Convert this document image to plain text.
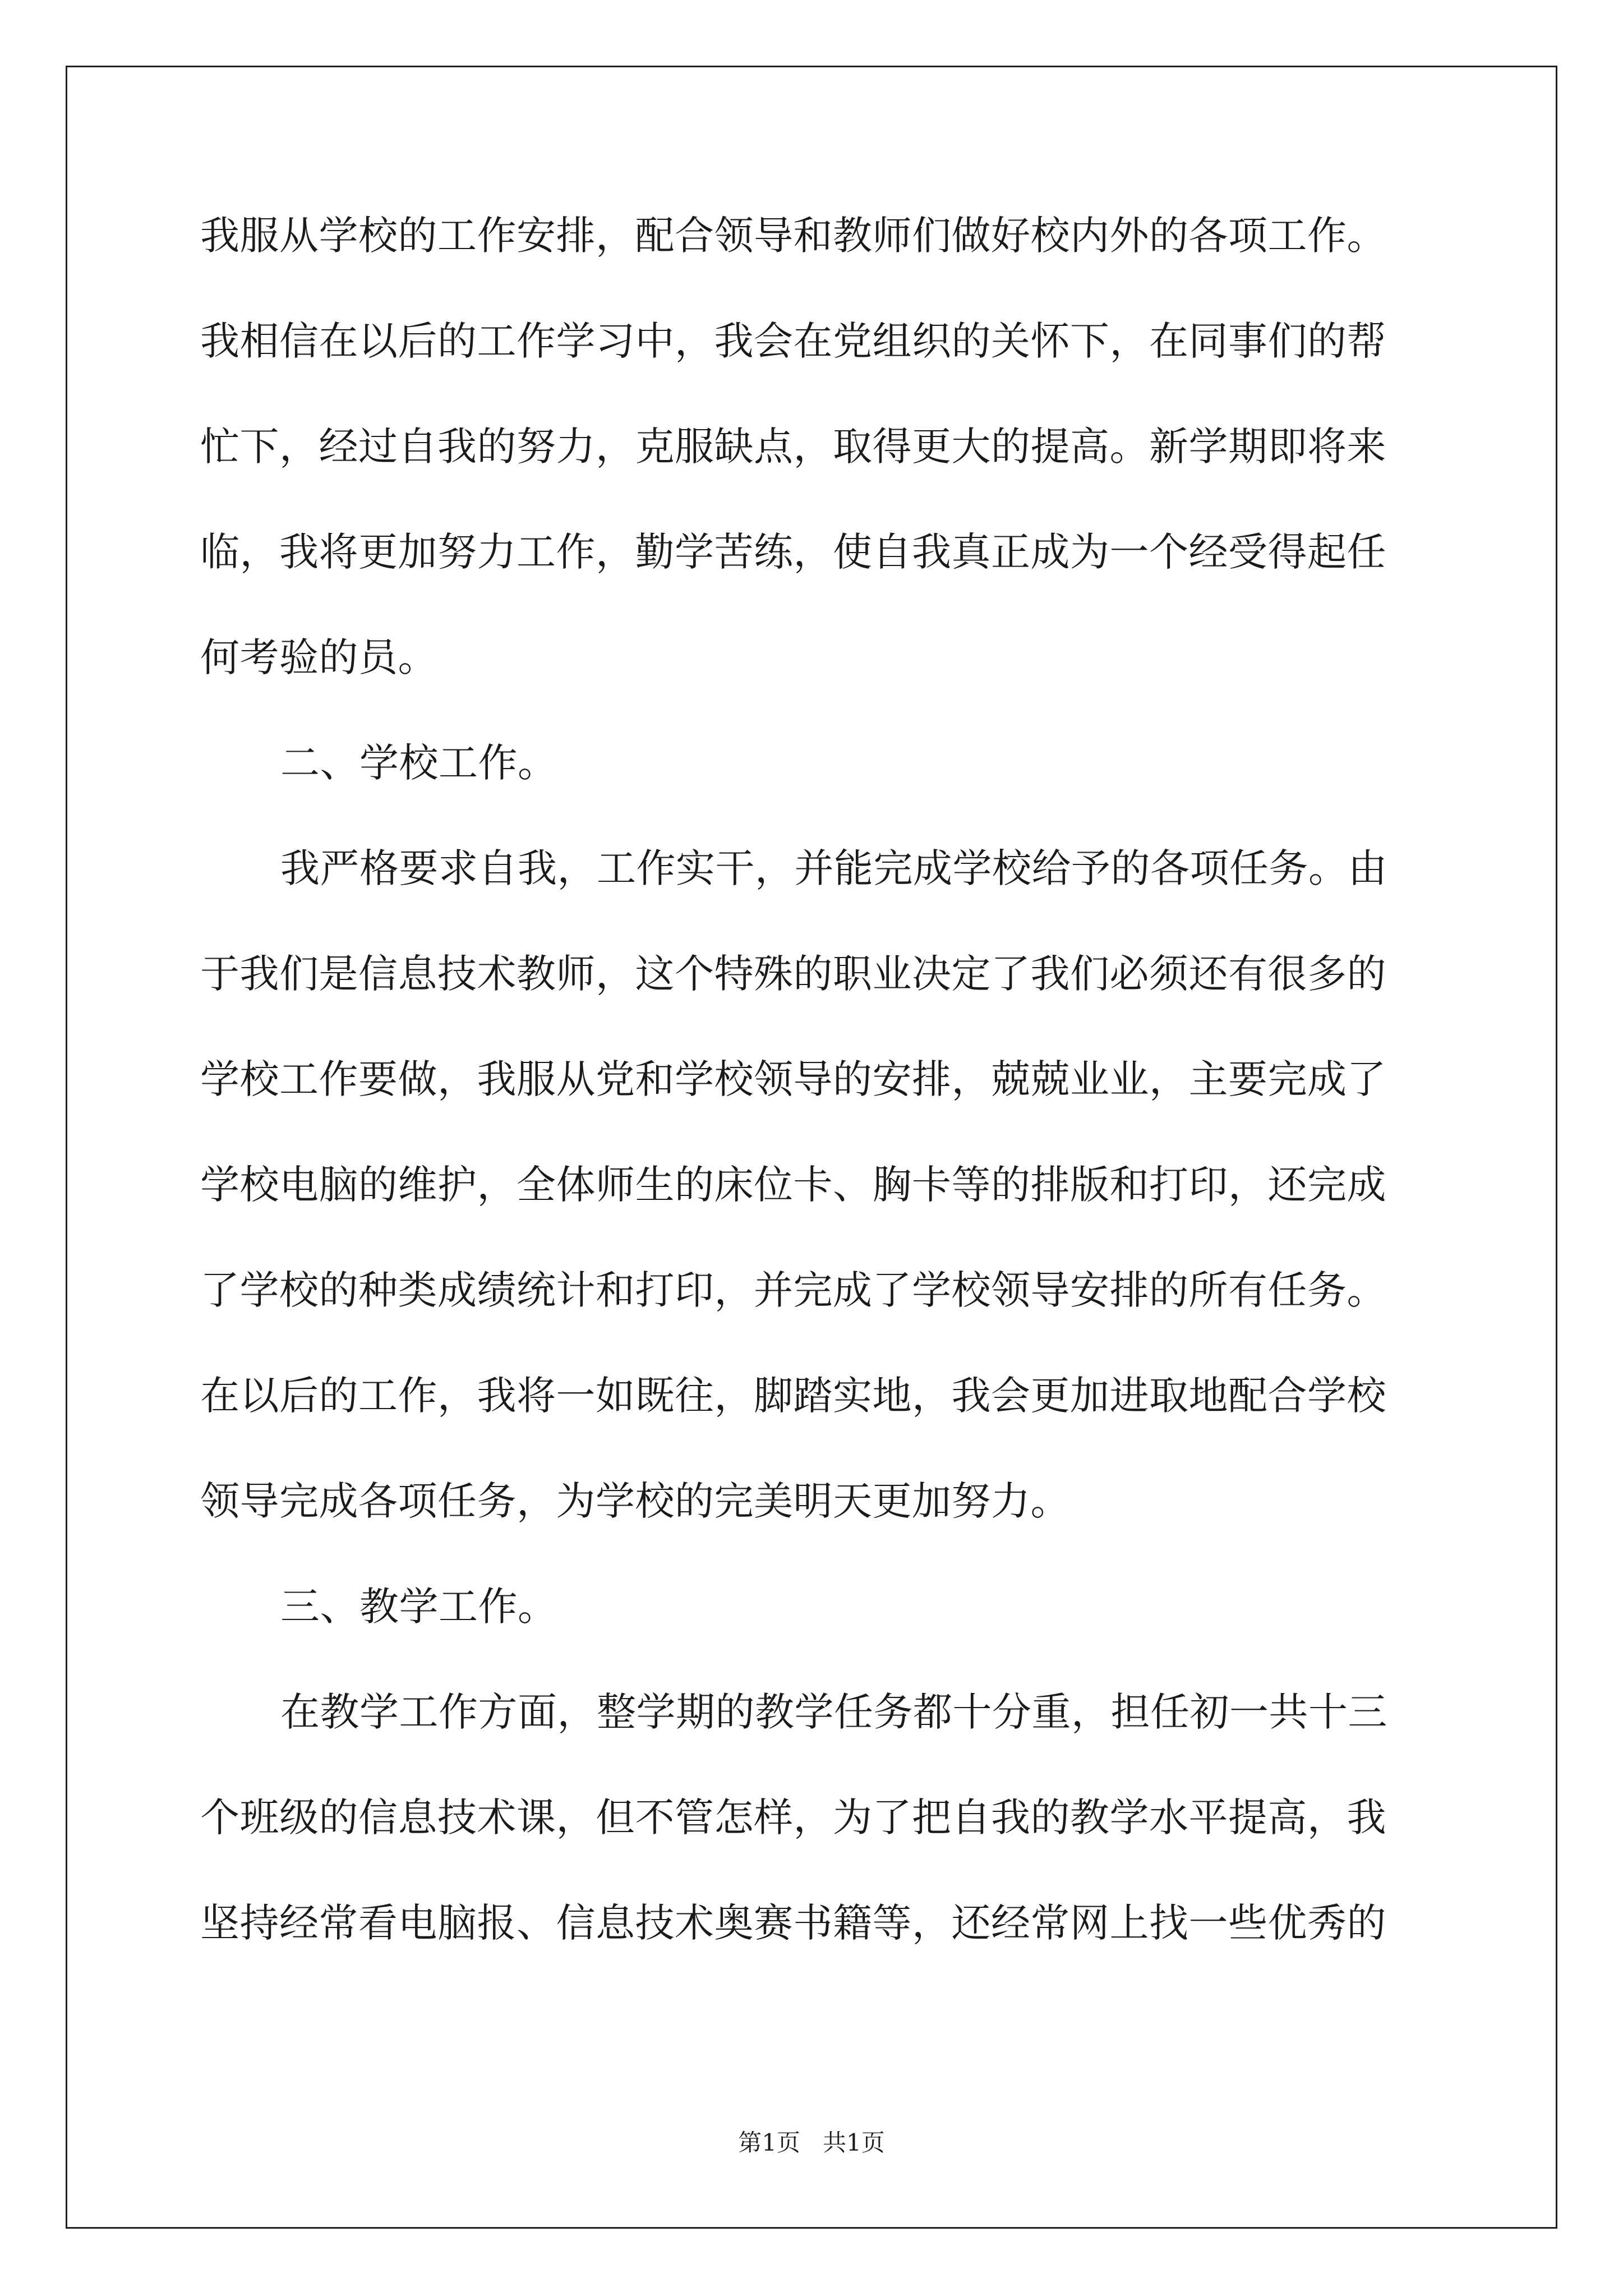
我服从学校的工作安排，配合领导和教师们做好校内外的各项工作。
我相信在以后的工作学习中，我会在党组织的关怀下，在同事们的帮
忙下，经过自我的努力，克服缺点，取得更大的提高。新学期即将来
临，我将更加努力工作，勤学苦练，使自我真正成为一个经受得起任
何考验的员。
二、学校工作。
我严格要求自我，工作实干，并能完成学校给予的各项任务。由
于我们是信息技术教师，这个特殊的职业决定了我们必须还有很多的
学校工作要做，我服从党和学校领导的安排，兢兢业业，主要完成了
学校电脑的维护，全体师生的床位卡、胸卡等的排版和打印，还完成
了学校的种类成绩统计和打印，并完成了学校领导安排的所有任务。
在以后的工作，我将一如既往，脚踏实地，我会更加进取地配合学校
领导完成各项任务，为学校的完美明天更加努力。
三、教学工作。
在教学工作方面，整学期的教学任务都十分重，担任初一共十三
个班级的信息技术课，但不管怎样，为了把自我的教学水平提高，我
坚持经常看电脑报、信息技术奥赛书籍等，还经常网上找一些优秀的
第1页   共1页
